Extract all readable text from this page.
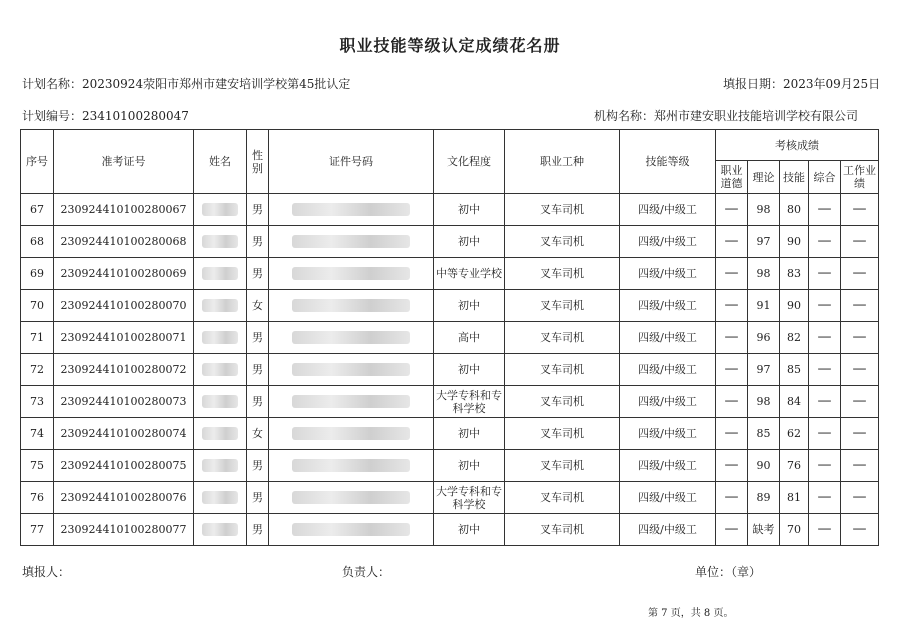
职业技能等级认定成绩花名册
计划名称：20230924荥阳市郑州市建安培训学校第45批认定	填报日期：2023年09月25日
计划编号：23410100280047	机构名称：郑州市建安职业技能培训学校有限公司
序号	准考证号	姓名	性别	证件号码	文化程度	职业工种	技能等级	考核成绩				
								职业道德	理论	技能	综合	工作业绩
67	230924410100280067		男		初中	叉车司机	四级/中级工	—	98	80	—	—
68	230924410100280068		男		初中	叉车司机	四级/中级工	—	97	90	—	—
69	230924410100280069		男		中等专业学校	叉车司机	四级/中级工	—	98	83	—	—
70	230924410100280070		女		初中	叉车司机	四级/中级工	—	91	90	—	—
71	230924410100280071		男		高中	叉车司机	四级/中级工	—	96	82	—	—
72	230924410100280072		男		初中	叉车司机	四级/中级工	—	97	85	—	—
73	230924410100280073		男		大学专科和专科学校	叉车司机	四级/中级工	—	98	84	—	—
74	230924410100280074		女		初中	叉车司机	四级/中级工	—	85	62	—	—
75	230924410100280075		男		初中	叉车司机	四级/中级工	—	90	76	—	—
76	230924410100280076		男		大学专科和专科学校	叉车司机	四级/中级工	—	89	81	—	—
77	230924410100280077		男		初中	叉车司机	四级/中级工	—	缺考	70	—	—
填报人：	负责人：	单位：（章）
第 7 页，共 8 页。
